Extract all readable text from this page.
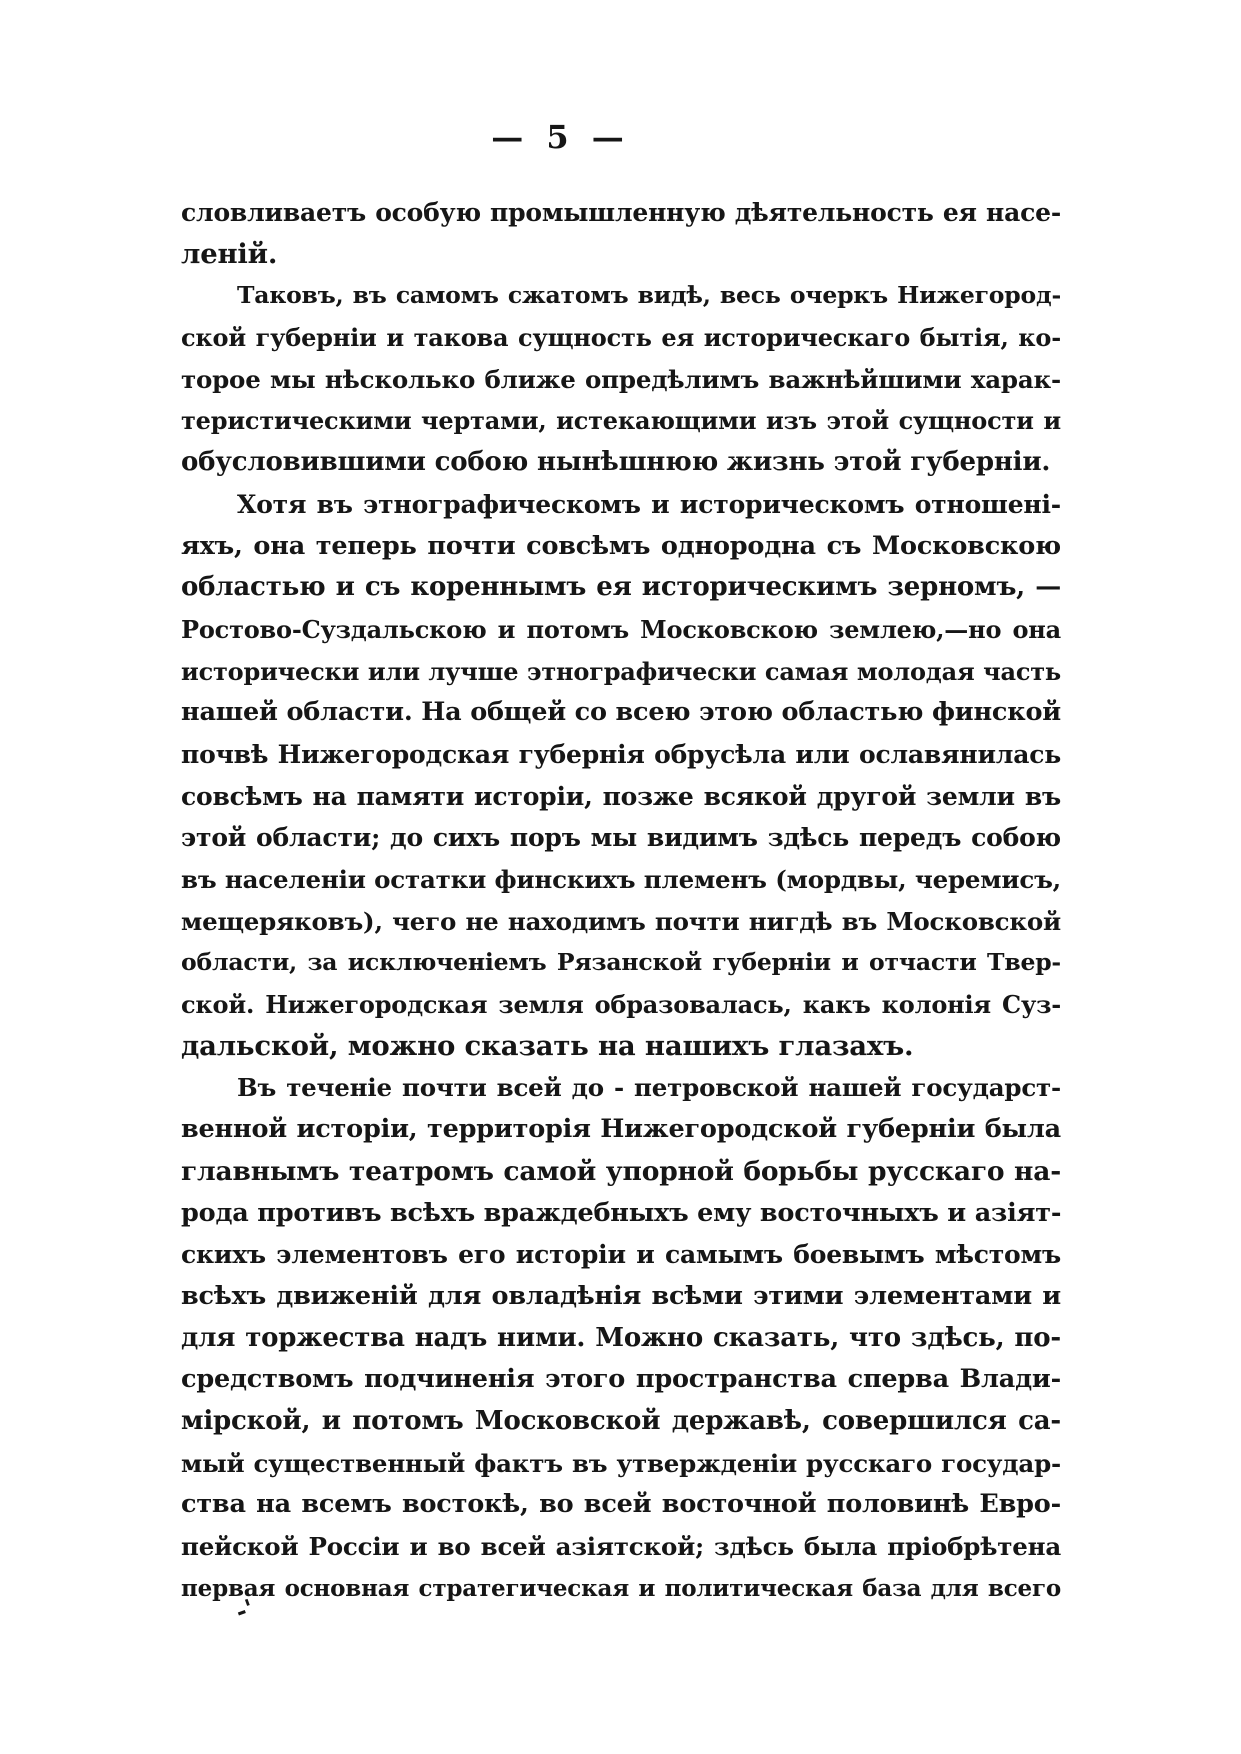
— 5 —
словливаетъ особую промышленную дѣятельность ея насе-
леній.
Таковъ, въ самомъ сжатомъ видѣ, весь очеркъ Нижегород-
ской губерніи и такова сущность ея историческаго бытія, ко-
торое мы нѣсколько ближе опредѣлимъ важнѣйшими харак-
теристическими чертами, истекающими изъ этой сущности и
обусловившими собою нынѣшнюю жизнь этой губерніи.
Хотя въ этнографическомъ и историческомъ отношені-
яхъ, она теперь почти совсѣмъ однородна съ Московскою
областью и съ кореннымъ ея историческимъ зерномъ, —
Ростово-Суздальскою и потомъ Московскою землею,—но она
исторически или лучше этнографически самая молодая часть
нашей области. На общей со всею этою областью финской
почвѣ Нижегородская губернія обрусѣла или ославянилась
совсѣмъ на памяти исторіи, позже всякой другой земли въ
этой области; до сихъ поръ мы видимъ здѣсь передъ собою
въ населеніи остатки финскихъ племенъ (мордвы, черемисъ,
мещеряковъ), чего не находимъ почти нигдѣ въ Московской
области, за исключеніемъ Рязанской губерніи и отчасти Твер-
ской. Нижегородская земля образовалась, какъ колонія Суз-
дальской, можно сказать на нашихъ глазахъ.
Въ теченіе почти всей до - петровской нашей государст-
венной исторіи, территорія Нижегородской губерніи была
главнымъ театромъ самой упорной борьбы русскаго на-
рода противъ всѣхъ враждебныхъ ему восточныхъ и азіят-
скихъ элементовъ его исторіи и самымъ боевымъ мѣстомъ
всѣхъ движеній для овладѣнія всѣми этими элементами и
для торжества надъ ними. Можно сказать, что здѣсь, по-
средствомъ подчиненія этого пространства сперва Влади-
мірской, и потомъ Московской державѣ, совершился са-
мый существенный фактъ въ утвержденіи русскаго государ-
ства на всемъ востокѣ, во всей восточной половинѣ Евро-
пейской Россіи и во всей азіятской; здѣсь была пріобрѣтена
первая основная стратегическая и политическая база для всего
-'
